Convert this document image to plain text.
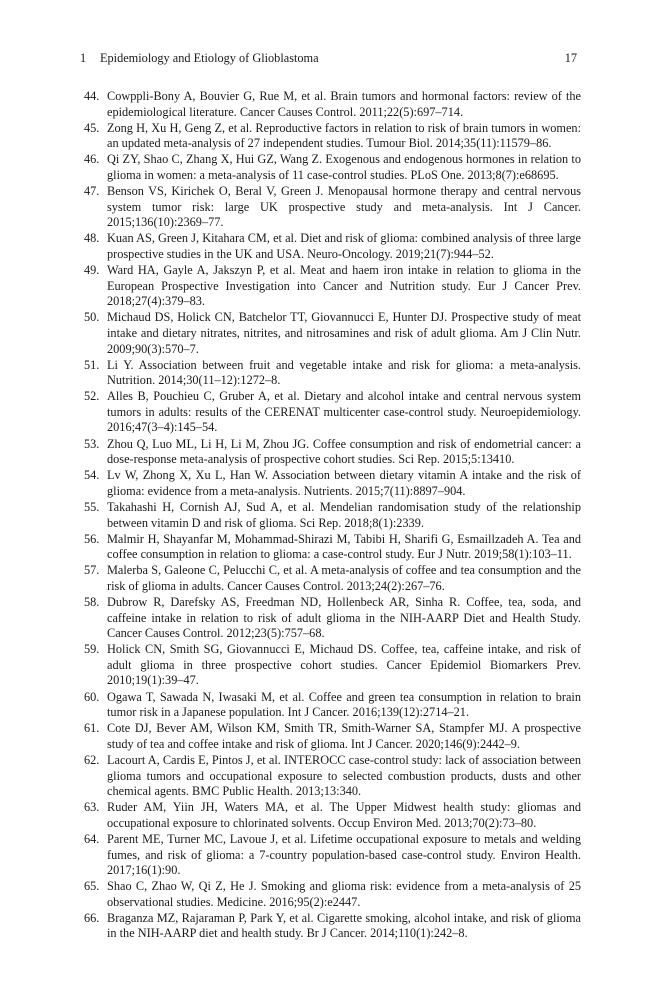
1 Epidemiology and Etiology of Glioblastoma	17
44. Cowppli-Bony A, Bouvier G, Rue M, et al. Brain tumors and hormonal factors: review of the epidemiological literature. Cancer Causes Control. 2011;22(5):697–714.
45. Zong H, Xu H, Geng Z, et al. Reproductive factors in relation to risk of brain tumors in women: an updated meta-analysis of 27 independent studies. Tumour Biol. 2014;35(11):11579–86.
46. Qi ZY, Shao C, Zhang X, Hui GZ, Wang Z. Exogenous and endogenous hormones in relation to glioma in women: a meta-analysis of 11 case-control studies. PLoS One. 2013;8(7):e68695.
47. Benson VS, Kirichek O, Beral V, Green J. Menopausal hormone therapy and central nervous system tumor risk: large UK prospective study and meta-analysis. Int J Cancer. 2015;136(10):2369–77.
48. Kuan AS, Green J, Kitahara CM, et al. Diet and risk of glioma: combined analysis of three large prospective studies in the UK and USA. Neuro-Oncology. 2019;21(7):944–52.
49. Ward HA, Gayle A, Jakszyn P, et al. Meat and haem iron intake in relation to glioma in the European Prospective Investigation into Cancer and Nutrition study. Eur J Cancer Prev. 2018;27(4):379–83.
50. Michaud DS, Holick CN, Batchelor TT, Giovannucci E, Hunter DJ. Prospective study of meat intake and dietary nitrates, nitrites, and nitrosamines and risk of adult glioma. Am J Clin Nutr. 2009;90(3):570–7.
51. Li Y. Association between fruit and vegetable intake and risk for glioma: a meta-analysis. Nutrition. 2014;30(11–12):1272–8.
52. Alles B, Pouchieu C, Gruber A, et al. Dietary and alcohol intake and central nervous system tumors in adults: results of the CERENAT multicenter case-control study. Neuroepidemiology. 2016;47(3–4):145–54.
53. Zhou Q, Luo ML, Li H, Li M, Zhou JG. Coffee consumption and risk of endometrial cancer: a dose-response meta-analysis of prospective cohort studies. Sci Rep. 2015;5:13410.
54. Lv W, Zhong X, Xu L, Han W. Association between dietary vitamin A intake and the risk of glioma: evidence from a meta-analysis. Nutrients. 2015;7(11):8897–904.
55. Takahashi H, Cornish AJ, Sud A, et al. Mendelian randomisation study of the relationship between vitamin D and risk of glioma. Sci Rep. 2018;8(1):2339.
56. Malmir H, Shayanfar M, Mohammad-Shirazi M, Tabibi H, Sharifi G, Esmaillzadeh A. Tea and coffee consumption in relation to glioma: a case-control study. Eur J Nutr. 2019;58(1):103–11.
57. Malerba S, Galeone C, Pelucchi C, et al. A meta-analysis of coffee and tea consumption and the risk of glioma in adults. Cancer Causes Control. 2013;24(2):267–76.
58. Dubrow R, Darefsky AS, Freedman ND, Hollenbeck AR, Sinha R. Coffee, tea, soda, and caffeine intake in relation to risk of adult glioma in the NIH-AARP Diet and Health Study. Cancer Causes Control. 2012;23(5):757–68.
59. Holick CN, Smith SG, Giovannucci E, Michaud DS. Coffee, tea, caffeine intake, and risk of adult glioma in three prospective cohort studies. Cancer Epidemiol Biomarkers Prev. 2010;19(1):39–47.
60. Ogawa T, Sawada N, Iwasaki M, et al. Coffee and green tea consumption in relation to brain tumor risk in a Japanese population. Int J Cancer. 2016;139(12):2714–21.
61. Cote DJ, Bever AM, Wilson KM, Smith TR, Smith-Warner SA, Stampfer MJ. A prospective study of tea and coffee intake and risk of glioma. Int J Cancer. 2020;146(9):2442–9.
62. Lacourt A, Cardis E, Pintos J, et al. INTEROCC case-control study: lack of association between glioma tumors and occupational exposure to selected combustion products, dusts and other chemical agents. BMC Public Health. 2013;13:340.
63. Ruder AM, Yiin JH, Waters MA, et al. The Upper Midwest health study: gliomas and occupational exposure to chlorinated solvents. Occup Environ Med. 2013;70(2):73–80.
64. Parent ME, Turner MC, Lavoue J, et al. Lifetime occupational exposure to metals and welding fumes, and risk of glioma: a 7-country population-based case-control study. Environ Health. 2017;16(1):90.
65. Shao C, Zhao W, Qi Z, He J. Smoking and glioma risk: evidence from a meta-analysis of 25 observational studies. Medicine. 2016;95(2):e2447.
66. Braganza MZ, Rajaraman P, Park Y, et al. Cigarette smoking, alcohol intake, and risk of glioma in the NIH-AARP diet and health study. Br J Cancer. 2014;110(1):242–8.
